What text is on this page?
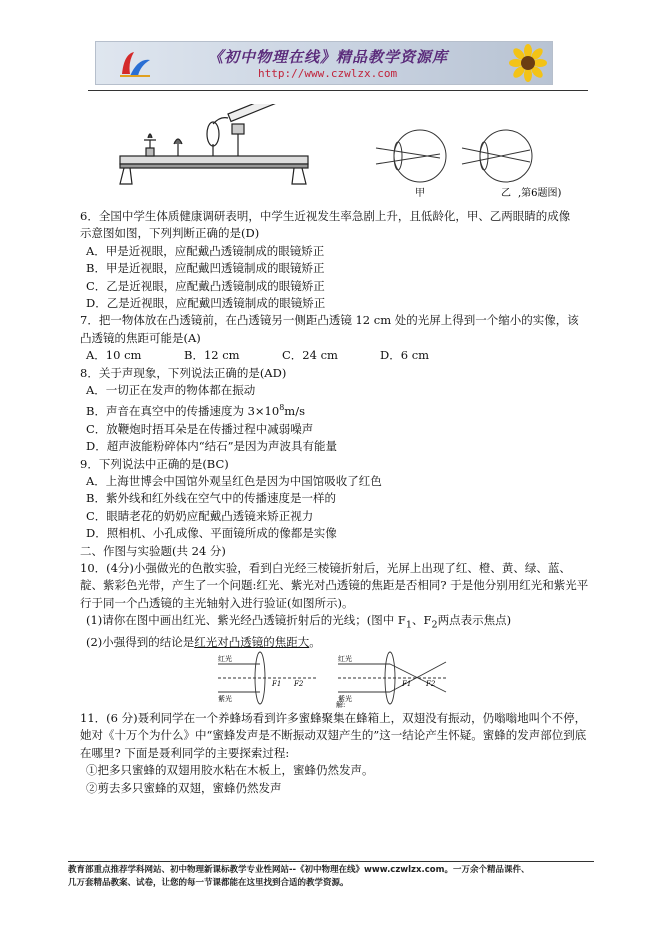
《初中物理在线》精品教学资源库
http://www.czwlzx.com
甲	乙 ,第6题图)
6．全国中学生体质健康调研表明，中学生近视发生率急剧上升，且低龄化，甲、乙两眼睛的成像
示意图如图，下列判断正确的是(D)
A．甲是近视眼，应配戴凸透镜制成的眼镜矫正
B．甲是近视眼，应配戴凹透镜制成的眼镜矫正
C．乙是近视眼，应配戴凸透镜制成的眼镜矫正
D．乙是近视眼，应配戴凹透镜制成的眼镜矫正
7．把一物体放在凸透镜前，在凸透镜另一侧距凸透镜 12 cm 处的光屏上得到一个缩小的实像，该
凸透镜的焦距可能是(A)
A．10 cm	B．12 cm	C．24 cm	D．6 cm
8．关于声现象，下列说法正确的是(AD)
A．一切正在发声的物体都在振动
B．声音在真空中的传播速度为 $3\times 10^8m/s$
C．放鞭炮时捂耳朵是在传播过程中减弱噪声
D．超声波能粉碎体内“结石”是因为声波具有能量
9．下列说法中正确的是(BC)
A．上海世博会中国馆外观呈红色是因为中国馆吸收了红色
B．紫外线和红外线在空气中的传播速度是一样的
C．眼睛老花的奶奶应配戴凸透镜来矫正视力
D．照相机、小孔成像、平面镜所成的像都是实像
二、作图与实验题(共 24 分)
10．(4分)小强做光的色散实验，看到白光经三棱镜折射后，光屏上出现了红、橙、黄、绿、蓝、
靛、紫彩色光带，产生了一个问题:红光、紫光对凸透镜的焦距是否相同? 于是他分别用红光和紫光平
行于同一个凸透镜的主光轴射入进行验证(如图所示)。
(1)请你在图中画出红光、紫光经凸透镜折射后的光线；(图中 $F_1$、$F_2$两点表示焦点)
(2)小强得到的结论是红光对凸透镜的焦距大。
红光
紫光
F1 F2
红光
紫光
F1 F2
解:
11．(6 分)聂利同学在一个养蜂场看到许多蜜蜂聚集在蜂箱上，双翅没有振动，仍嗡嗡地叫个不停，
她对《十万个为什么》中“蜜蜂发声是不断振动双翅产生的”这一结论产生怀疑。蜜蜂的发声部位到底
在哪里? 下面是聂利同学的主要探索过程:
①把多只蜜蜂的双翅用胶水粘在木板上，蜜蜂仍然发声。
②剪去多只蜜蜂的双翅，蜜蜂仍然发声
教育部重点推荐学科网站、初中物理新课标教学专业性网站--《初中物理在线》www.czwlzx.com。一万余个精品课件、
几万套精品教案、试卷，让您的每一节课都能在这里找到合适的教学资源。
